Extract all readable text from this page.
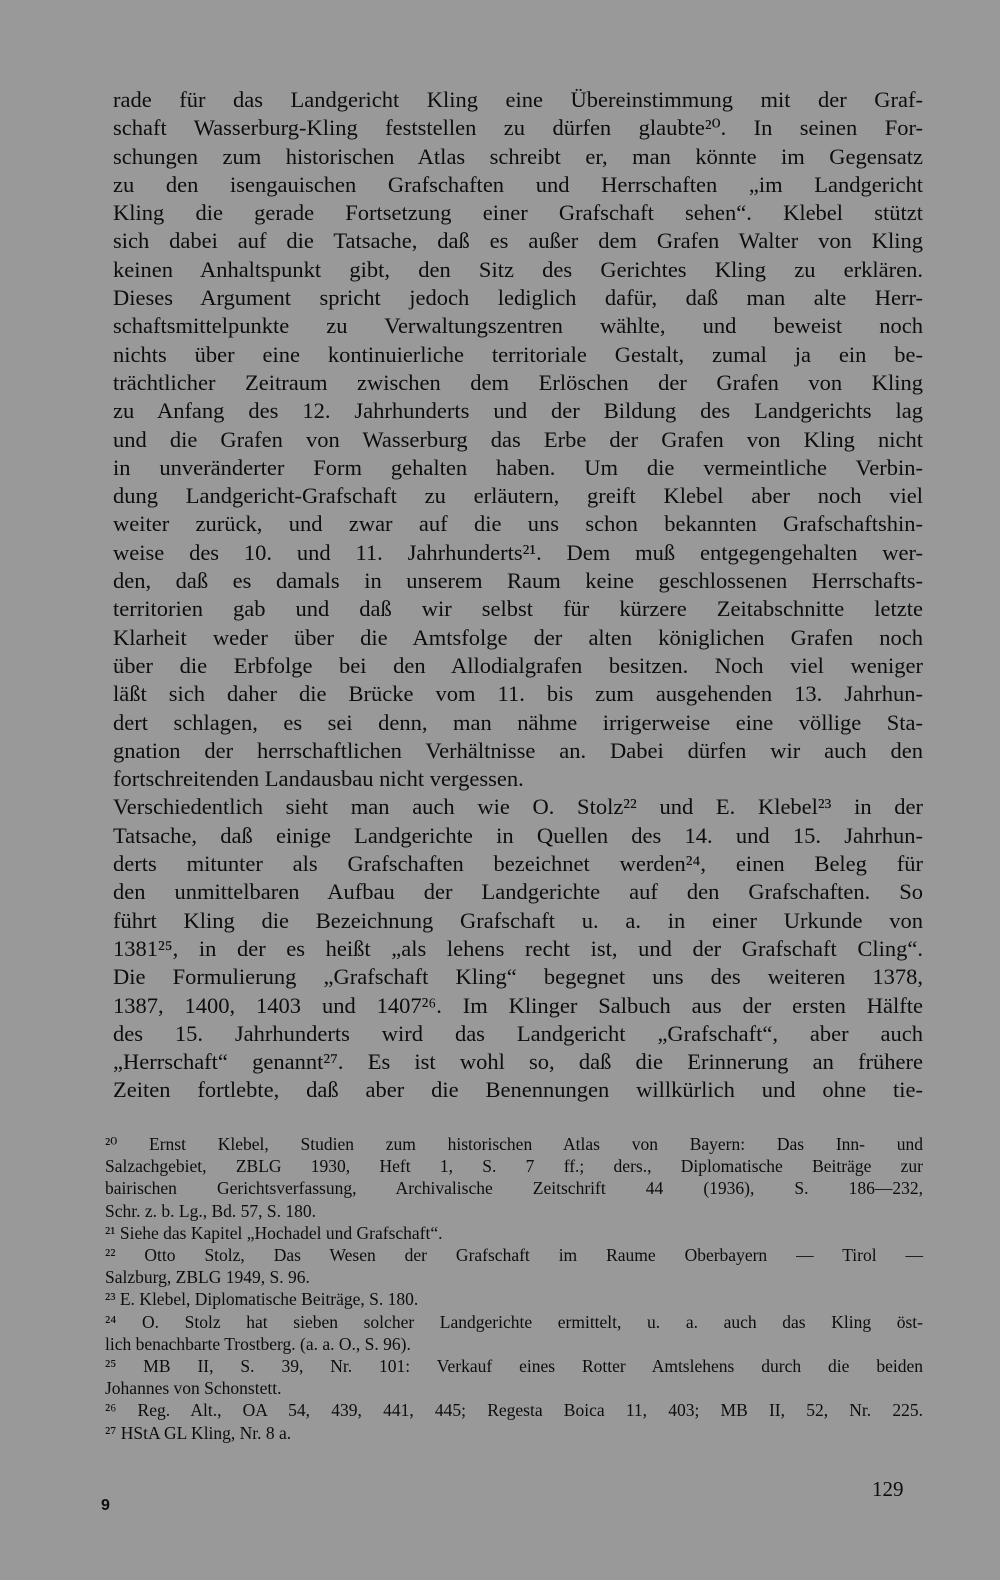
rade für das Landgericht Kling eine Übereinstimmung mit der Graf-
schaft Wasserburg-Kling feststellen zu dürfen glaubte²⁰. In seinen For-
schungen zum historischen Atlas schreibt er, man könnte im Gegensatz
zu den isengauischen Grafschaften und Herrschaften „im Landgericht
Kling die gerade Fortsetzung einer Grafschaft sehen“. Klebel stützt
sich dabei auf die Tatsache, daß es außer dem Grafen Walter von Kling
keinen Anhaltspunkt gibt, den Sitz des Gerichtes Kling zu erklären.
Dieses Argument spricht jedoch lediglich dafür, daß man alte Herr-
schaftsmittelpunkte zu Verwaltungszentren wählte, und beweist noch
nichts über eine kontinuierliche territoriale Gestalt, zumal ja ein be-
trächtlicher Zeitraum zwischen dem Erlöschen der Grafen von Kling
zu Anfang des 12. Jahrhunderts und der Bildung des Landgerichts lag
und die Grafen von Wasserburg das Erbe der Grafen von Kling nicht
in unveränderter Form gehalten haben. Um die vermeintliche Verbin-
dung Landgericht-Grafschaft zu erläutern, greift Klebel aber noch viel
weiter zurück, und zwar auf die uns schon bekannten Grafschaftshin-
weise des 10. und 11. Jahrhunderts²¹. Dem muß entgegengehalten wer-
den, daß es damals in unserem Raum keine geschlossenen Herrschafts-
territorien gab und daß wir selbst für kürzere Zeitabschnitte letzte
Klarheit weder über die Amtsfolge der alten königlichen Grafen noch
über die Erbfolge bei den Allodialgrafen besitzen. Noch viel weniger
läßt sich daher die Brücke vom 11. bis zum ausgehenden 13. Jahrhun-
dert schlagen, es sei denn, man nähme irrigerweise eine völlige Sta-
gnation der herrschaftlichen Verhältnisse an. Dabei dürfen wir auch den
fortschreitenden Landausbau nicht vergessen.
Verschiedentlich sieht man auch wie O. Stolz²² und E. Klebel²³ in der
Tatsache, daß einige Landgerichte in Quellen des 14. und 15. Jahrhun-
derts mitunter als Grafschaften bezeichnet werden²⁴, einen Beleg für
den unmittelbaren Aufbau der Landgerichte auf den Grafschaften. So
führt Kling die Bezeichnung Grafschaft u. a. in einer Urkunde von
1381²⁵, in der es heißt „als lehens recht ist, und der Grafschaft Cling“.
Die Formulierung „Grafschaft Kling“ begegnet uns des weiteren 1378,
1387, 1400, 1403 und 1407²⁶. Im Klinger Salbuch aus der ersten Hälfte
des 15. Jahrhunderts wird das Landgericht „Grafschaft“, aber auch
„Herrschaft“ genannt²⁷. Es ist wohl so, daß die Erinnerung an frühere
Zeiten fortlebte, daß aber die Benennungen willkürlich und ohne tie-
²⁰ Ernst Klebel, Studien zum historischen Atlas von Bayern: Das Inn- und
Salzachgebiet, ZBLG 1930, Heft 1, S. 7 ff.; ders., Diplomatische Beiträge zur
bairischen Gerichtsverfassung, Archivalische Zeitschrift 44 (1936), S. 186—232,
Schr. z. b. Lg., Bd. 57, S. 180.
²¹ Siehe das Kapitel „Hochadel und Grafschaft“.
²² Otto Stolz, Das Wesen der Grafschaft im Raume Oberbayern — Tirol —
Salzburg, ZBLG 1949, S. 96.
²³ E. Klebel, Diplomatische Beiträge, S. 180.
²⁴ O. Stolz hat sieben solcher Landgerichte ermittelt, u. a. auch das Kling öst-
lich benachbarte Trostberg. (a. a. O., S. 96).
²⁵ MB II, S. 39, Nr. 101: Verkauf eines Rotter Amtslehens durch die beiden
Johannes von Schonstett.
²⁶ Reg. Alt., OA 54, 439, 441, 445; Regesta Boica 11, 403; MB II, 52, Nr. 225.
²⁷ HStA GL Kling, Nr. 8 a.
129
9
